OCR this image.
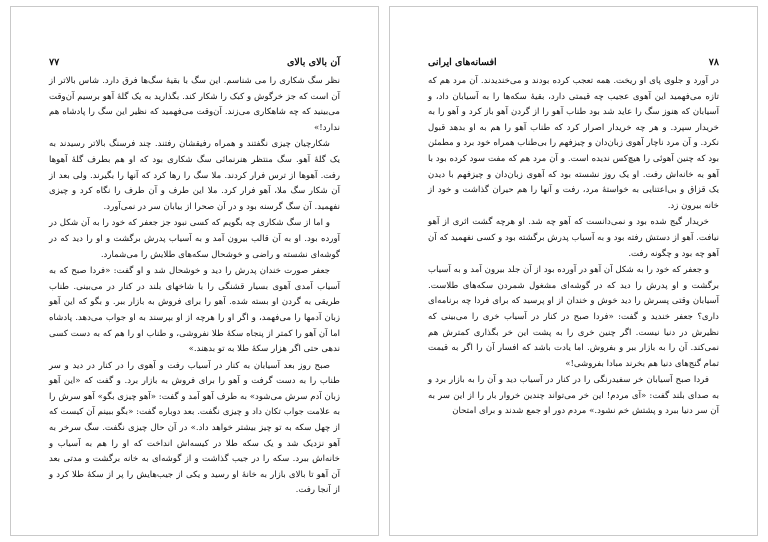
آن بالای بالای
۷۷

نظر سگ شکاری را می شناسم. این سگ با بقیهٔ سگ‌ها فرق دارد. شاس بالاتر از آن است که جز خرگوش و کبک را شکار کند. بگذارید به یک گلهٔ آهو برسیم آن‌وقت می‌بینید که چه شاهکاری می‌زند. آن‌وقت می‌فهمید که نظیر این سگ را پادشاه هم ندارد!»

شکارچیان چیزی نگفتند و همراه رفیقشان رفتند. چند فرسنگ بالاتر رسیدند به یک گلهٔ آهو. سگ منتظر هنرنمائی سگ شکاری بود که او هم بطرف گلهٔ آهوها رفت. آهوها از ترس فرار کردند. ملا سگ را رها کرد که آنها را بگیرند. ولی بعد از آن شکار سگ ملا، آهو فرار کرد. ملا این طرف و آن طرف را نگاه کرد و چیزی نفهمید. آن سگ گرسنه بود و در آن صحرا از بیابان سر در نمی‌آورد.

و اما از سگ شکاری چه بگویم که کسی نبود جز جعفر که خود را به آن شکل در آورده بود. او به آن قالب بیرون آمد و به آسیاب پدرش برگشت و او را دید که در گوشه‌ای نشسته و راضی و خوشحال سکه‌های طلایش را می‌شمارد.

جعفر صورت خندان پدرش را دید و خوشحال شد و او گفت: «فردا صبح که به آسیاب آمدی آهوی بسیار قشنگی را با شاخهای بلند در کنار در می‌بینی. طناب طریقی به گردن او بسته شده. آهو را برای فروش به بازار ببر. و بگو که این آهو زبان آدمها را می‌فهمد، و اگر او را هرچه از او بپرسند به او جواب می‌دهد. پادشاه اما آن آهو را کمتر از پنجاه سکهٔ طلا نفروشی، و طناب او را هم که به دست کسی ندهی حتی اگر هزار سکهٔ طلا به تو بدهند.»

صبح روز بعد آسیابان به کنار در آسیاب رفت و آهوی را در کنار در دید و سر طناب را به دست گرفت و آهو را برای فروش به بازار برد. و گفت که «این آهو زبان آدم سرش می‌شود» به طرف آهو آمد و گفت: «آهو چیزی بگو» آهو سرش را به علامت جواب تکان داد و چیزی نگفت. بعد دوباره گفت: «بگو ببینم آن کیست که از چهل سکه به تو چیز بیشتر خواهد داد.» در آن حال چیزی نگفت. سگ سرخر به آهو نزدیک شد و یک سکه طلا در کیسه‌اش انداخت که او را هم به آسیاب و خانه‌اش ببرد. سکه را در جیب گذاشت و از گوشه‌ای به خانه برگشت و مدتی بعد آن آهو تا بالای بازار به خانهٔ او رسید و یکی از جیب‌هایش را پر از سکهٔ طلا کرد و از آنجا رفت.

۷۸
افسانه‌های ایرانی

در آورد و جلوی پای او ریخت. همه تعجب کرده بودند و می‌خندیدند. آن مرد هم که تازه می‌فهمید این آهوی عجیب چه قیمتی دارد، بقیهٔ سکه‌ها را به آسیابان داد، و آسیابان که هنوز سگ را عاید شد بود طناب آهو را از گردن آهو باز کرد و آهو را به خریدار سپرد. و هر چه خریدار اصرار کرد که طناب آهو را هم به او بدهد قبول نکرد. و آن مرد ناچار آهوی زبان‌دان و چیزفهم را بی‌طناب همراه خود برد و مطمئن بود که چنین آهوئی را هیچ‌کس ندیده است. و آن مرد هم که مفت سود کرده بود با آهو به خانه‌اش رفت. او یک روز نشسته بود که آهوی زبان‌دان و چیزفهم با دیدن یک قزاق و بی‌اعتنایی به خواستهٔ مرد، رفت و آنها را هم حیران گذاشت و خود از خانه بیرون زد.

خریدار گیج شده بود و نمی‌دانست که آهو چه شد. او هرچه گشت اثری از آهو نیافت. آهو از دستش رفته بود و به آسیاب پدرش برگشته بود و کسی نفهمید که آن آهو چه بود و چگونه رفت.

و جعفر که خود را به شکل آن آهو در آورده بود از آن جلد بیرون آمد و به آسیاب برگشت و او پدرش را دید که در گوشه‌ای مشغول شمردن سکه‌های طلاست. آسیابان وقتی پسرش را دید خوش و خندان از او پرسید که برای فردا چه برنامه‌ای داری؟ جعفر خندید و گفت: «فردا صبح در کنار در آسیاب خری را می‌بینی که نظیرش در دنیا نیست. اگر چنین خری را به پشت این خر بگذاری کمترش هم نمی‌کند. آن را به بازار ببر و بفروش. اما یادت باشد که افسار آن را اگر به قیمت تمام گنج‌های دنیا هم بخرند مبادا بفروشی!»

فردا صبح آسیابان خر سفیدرنگی را در کنار در آسیاب دید و آن را به بازار برد و به صدای بلند گفت: «آی مردم! این خر می‌تواند چندین خروار بار را از این سر به آن سر دنیا ببرد و پشتش خم نشود.» مردم دور او جمع شدند و برای امتحان
